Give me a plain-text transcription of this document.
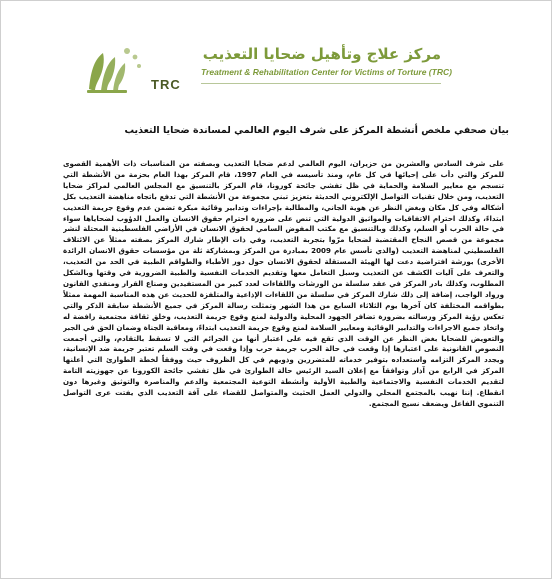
مركز علاج وتأهيل ضحايا التعذيب
Treatment & Rehabilitation Center for Victims of Torture (TRC)
TRC
بيان صحفي ملخص أنشطة المركز على شرف اليوم العالمي لمساندة ضحايا التعذيب

على شرف السادس والعشرين من حزيران، اليوم العالمي لدعم ضحايا التعذيب وبصفته من المناسبات ذات الأهمية القصوى للمركز والتي دأب على إحيائها في كل عام، ومنذ تأسيسه في العام 1997، قام المركز بهذا العام بحزمة من الأنشطة التي تنسجم مع معايير السلامة والحماية في ظل تفشي جائحة كورونا، قام المركز بالتنسيق مع المجلس العالمي لمراكز ضحايا التعذيب، ومن خلال تقنيات التواصل الإلكتروني الحديثة بتعزيز تبني مجموعة من الأنشطة التي تدفع باتجاه مناهضة التعذيب بكل أشكاله وفي كل مكان وبغض النظر عن هوية الجاني، والمطالبة بإجراءات وتدابير وقائية مبكرة تضمن عدم وقوع جريمة التعذيب ابتداءً، وكذلك احترام الاتفاقيات والمواثيق الدولية التي تنص على ضرورة احترام حقوق الانسان والعمل الدؤوب لضحاياها سواء في حالة الحرب أو السلم، وكذلك وبالتنسيق مع مكتب المفوض السامي لحقوق الانسان في الأراضي الفلسطينية المحتلة لنشر مجموعة من قصص النجاح المقتضبة لضحايا مرّوا بتجربة التعذيب، وفي ذات الإطار شارك المركز بصفته ممثلاً عن الائتلاف الفلسطيني لمناهضة التعذيب (والذي تأسس عام 2009 بمبادرة من المركز وبمشاركة ثلة من مؤسسات حقوق الانسان الرائدة الأخرى) بورشة افتراضية دعت لها الهيئة المستقلة لحقوق الانسان حول دور الأطباء والطواقم الطبية في الحد من التعذيب، والتعرف على آليات الكشف عن التعذيب وسبل التعامل معها وتقديم الخدمات النفسية والطبية الضرورية في وقتها وبالشكل المطلوب، وكذلك بادر المركز في عقد سلسلة من الورشات واللقاءات لعدد كبير من المستفيدين وصناع القرار ومنفذي القانون ورواد الواجب، إضافة إلى ذلك شارك المركز في سلسلة من اللقاءات الإذاعية والمتلفزة للحديث عن هذه المناسبة المهمة ممثلاً بطواقمه المختلفة كان آخرها يوم الثلاثاء السابع من هذا الشهر وتمثلت رسالة المركز في جميع الأنشطة سابقة الذكر والتي تعكس رؤية المركز ورسالته بضرورة تضافر الجهود المحلية والدولية لمنع وقوع جريمة التعذيب، وخلق ثقافة مجتمعية رافضة له واتخاذ جميع الاجراءات والتدابير الوقائية ومعايير السلامة لمنع وقوع جريمة التعذيب ابتداءً، ومعاقبة الجناة وضمان الحق في الجبر والتعويض للضحايا بغض النظر عن الوقت الذي تقع فيه على اعتبار أنها من الجرائم التي لا تسقط بالتقادم، والتي أجمعت النصوص القانونية على اعتبارها إذا وقعت في حالة الحرب جريمة حرب وإذا وقعت في وقت السلم تعتبر جريمة ضد الإنسانية، ويجدد المركز التزامه واستعداده بتوفير خدماته للمتضررين وذويهم في كل الظروف حيث ووفقاً لخطة الطوارئ التي أعلنها المركز في الرابع من آذار وتوافقاً مع إعلان السيد الرئيس حالة الطوارئ في ظل تفشي جائحة الكورونا عن جهوزيته التامة لتقديم الخدمات النفسية والاجتماعية والطبية الأولية وأنشطة التوعية المجتمعية والدعم والمناصرة والتوثيق وغيرها دون انقطاع. إننا نهيب بالمجتمع المحلي والدولي العمل الحثيث والمتواصل للقضاء على آفة التعذيب الذي يفتت عرى التواصل التنموي الفاعل ويضعف نسيج المجتمع.
